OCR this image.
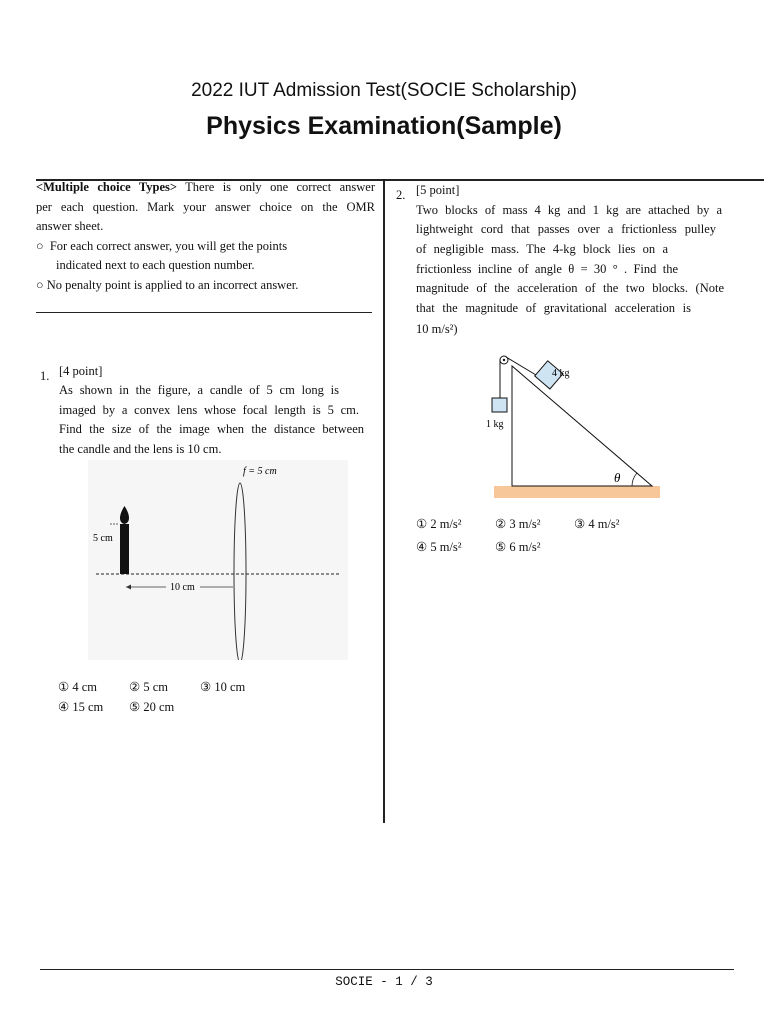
2022 IUT Admission Test(SOCIE Scholarship)
Physics Examination(Sample)
<Multiple choice Types> There is only one correct answer
per each question. Mark your answer choice on the OMR
answer sheet.
○ For each correct answer, you will get the points
indicated next to each question number.
○ No penalty point is applied to an incorrect answer.
1. [4 point]
As shown in the figure, a candle of 5 cm long is
imaged by a convex lens whose focal length is 5 cm.
Find the size of the image when the distance between
the candle and the lens is 10 cm.
f = 5 cm
5 cm
10 cm
① 4 cm	② 5 cm	③ 10 cm
④ 15 cm ⑤ 20 cm
2. [5 point]
Two blocks of mass 4 kg and 1 kg are attached by a
lightweight cord that passes over a frictionless pulley
of negligible mass. The 4-kg block lies on a
frictionless incline of angle θ = 30 ° . Find the
magnitude of the acceleration of the two blocks. (Note
that the magnitude of gravitational acceleration is
10 m/s²)
1 kg
4 kg
θ
① 2 m/s²	② 3 m/s²	③ 4 m/s²
④ 5 m/s²	⑤ 6 m/s²
SOCIE - 1 / 3
